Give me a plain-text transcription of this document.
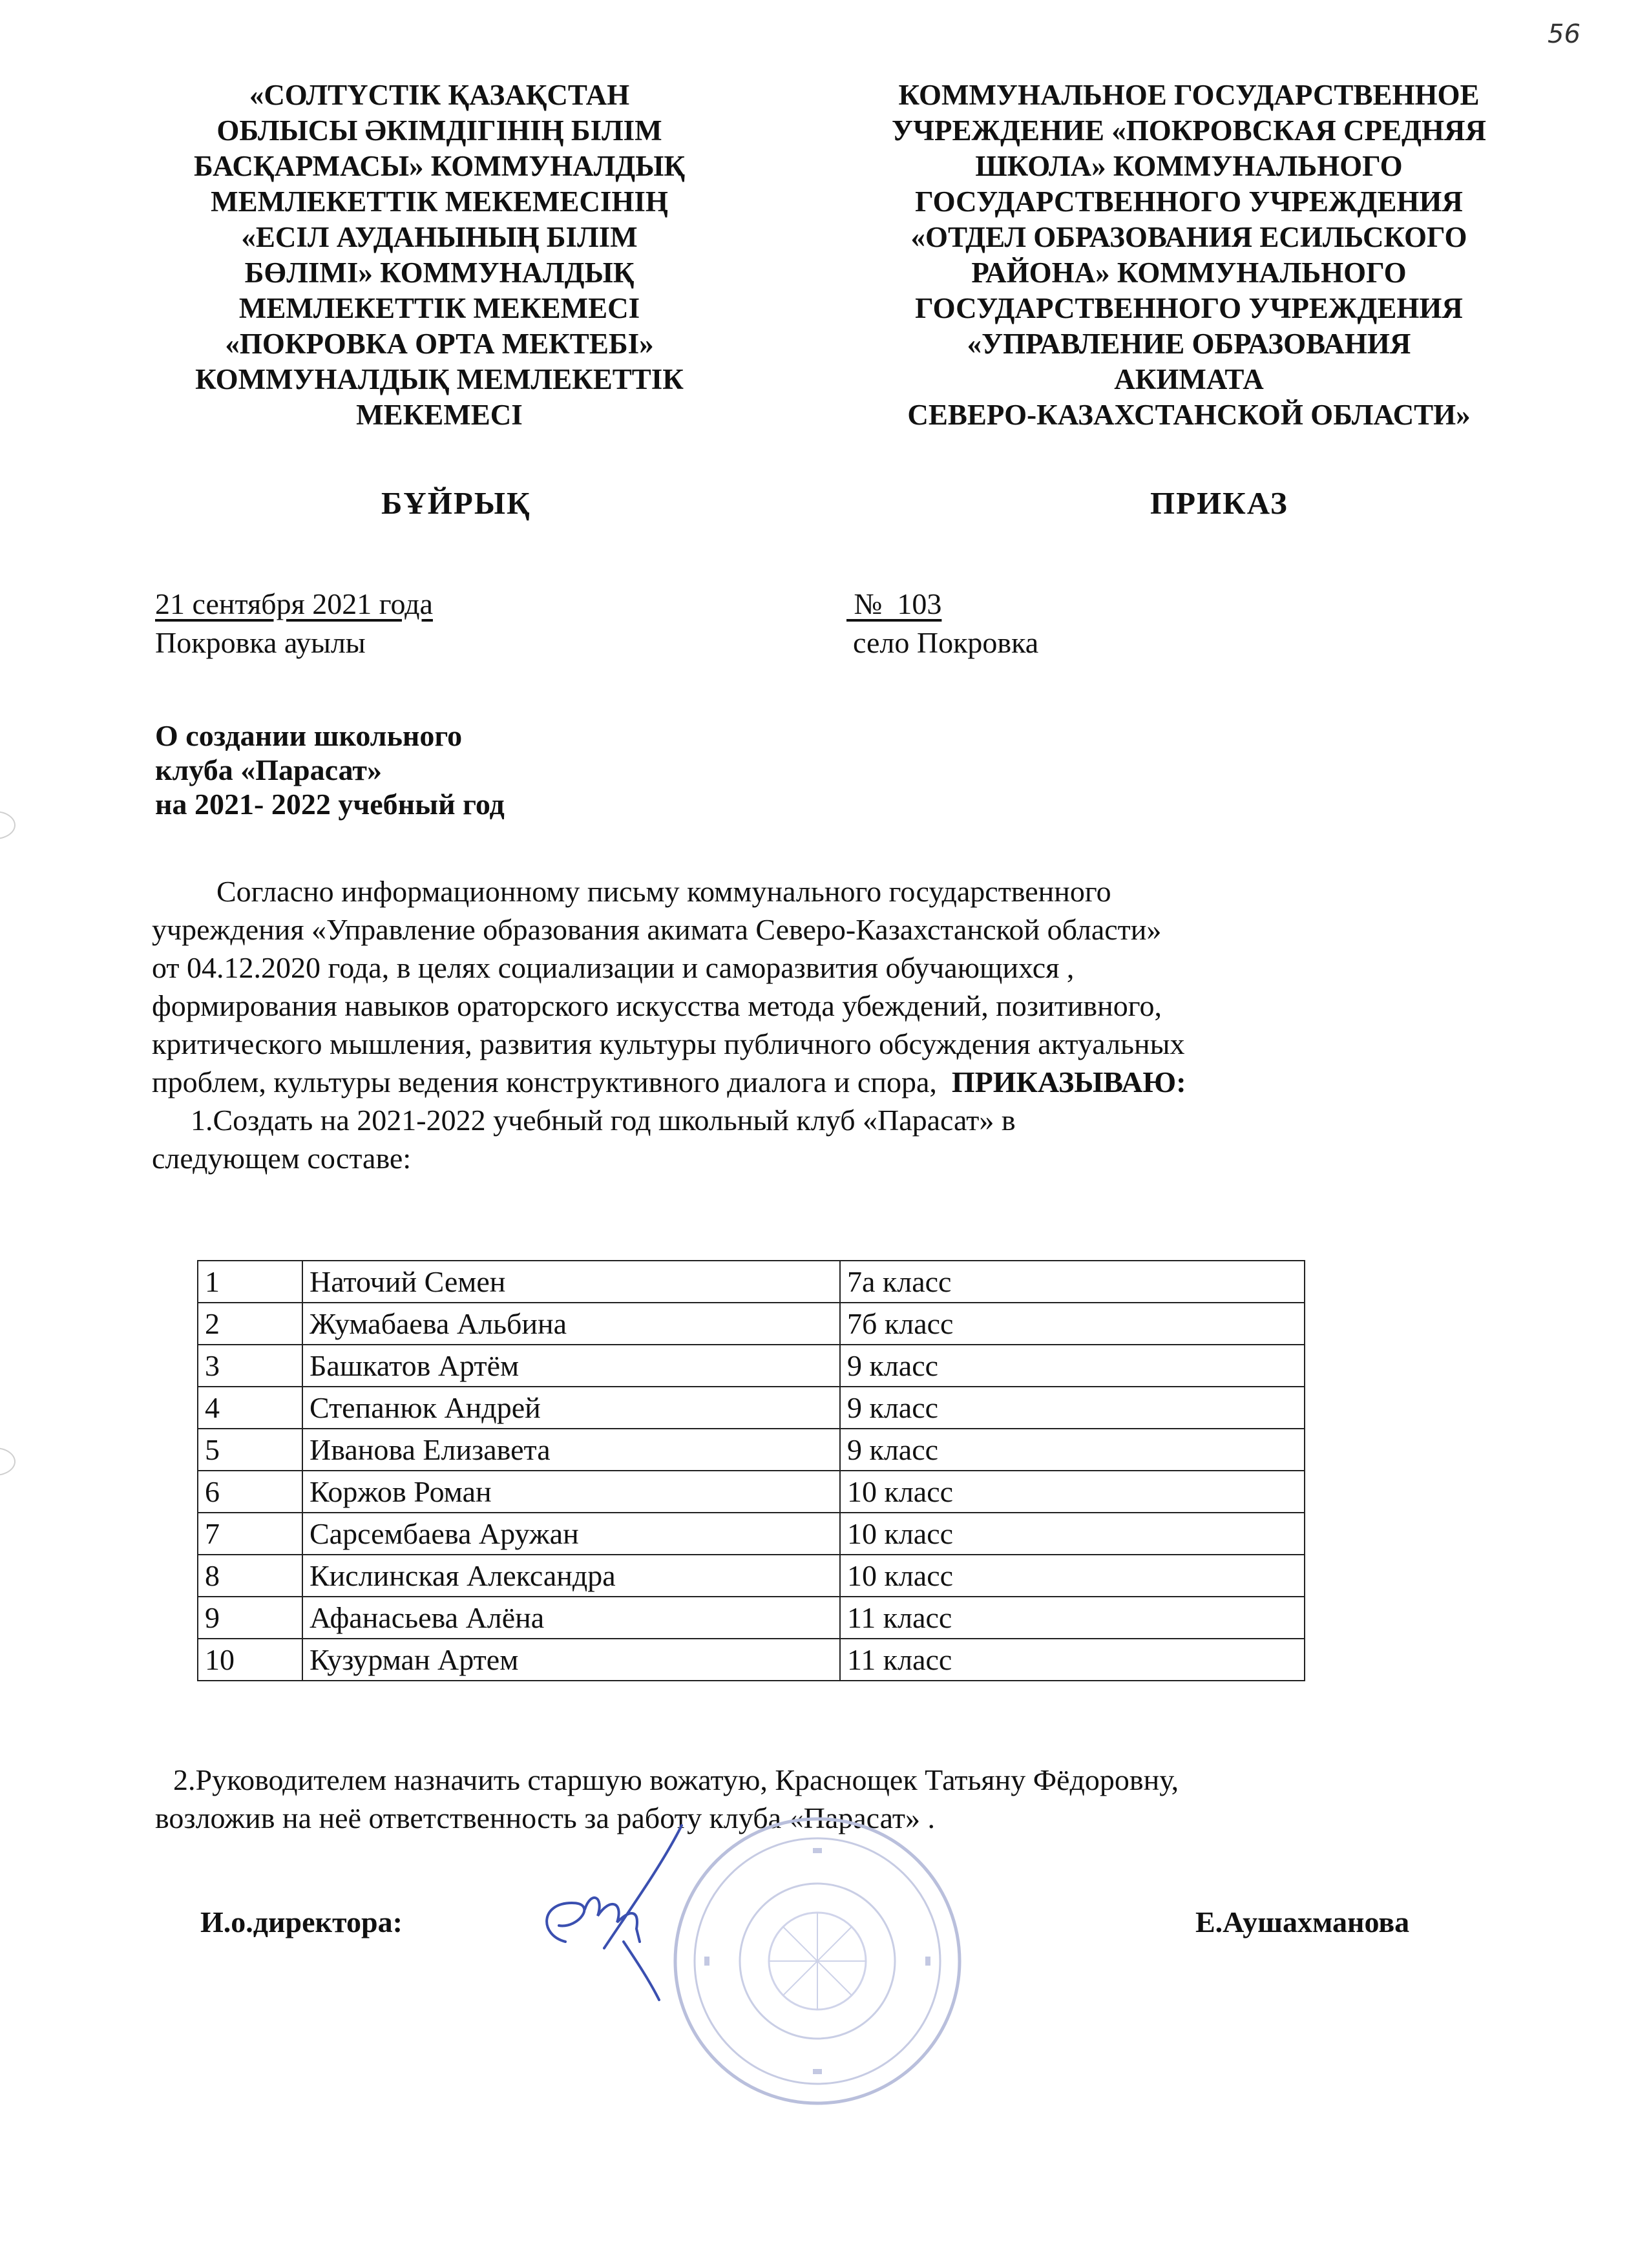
56
«СОЛТҮСТІК ҚАЗАҚСТАН
ОБЛЫСЫ ӘКІМДІГІНІҢ БІЛІМ
БАСҚАРМАСЫ» КОММУНАЛДЫҚ
МЕМЛЕКЕТТІК МЕКЕМЕСІНІҢ
«ЕСІЛ АУДАНЫНЫҢ БІЛІМ
БӨЛІМІ» КОММУНАЛДЫҚ
МЕМЛЕКЕТТІК МЕКЕМЕСІ
«ПОКРОВКА ОРТА МЕКТЕБІ»
КОММУНАЛДЫҚ МЕМЛЕКЕТТІК
МЕКЕМЕСІ
КОММУНАЛЬНОЕ ГОСУДАРСТВЕННОЕ
УЧРЕЖДЕНИЕ «ПОКРОВСКАЯ СРЕДНЯЯ
ШКОЛА» КОММУНАЛЬНОГО
ГОСУДАРСТВЕННОГО УЧРЕЖДЕНИЯ
«ОТДЕЛ ОБРАЗОВАНИЯ ЕСИЛЬСКОГО
РАЙОНА» КОММУНАЛЬНОГО
ГОСУДАРСТВЕННОГО УЧРЕЖДЕНИЯ
«УПРАВЛЕНИЕ ОБРАЗОВАНИЯ
АКИМАТА
СЕВЕРО-КАЗАХСТАНСКОЙ ОБЛАСТИ»
БҰЙРЫҚ	ПРИКАЗ
21 сентября 2021 года
Покровка ауылы
№  103
село Покровка
О создании школьного
клуба «Парасат»
на 2021- 2022 учебный год
Согласно информационному письму коммунального государственного
учреждения «Управление образования акимата Северо-Казахстанской области»
от 04.12.2020 года, в целях социализации и саморазвития обучающихся ,
формирования навыков ораторского искусства метода убеждений, позитивного,
критического мышления, развития культуры публичного обсуждения актуальных
проблем, культуры ведения конструктивного диалога и спора, ПРИКАЗЫВАЮ:
1.Создать на 2021-2022 учебный год школьный клуб «Парасат» в
следующем составе:
1	Наточий Семен	7а класс
2	Жумабаева Альбина	7б класс
3	Башкатов Артём	9 класс
4	Степанюк Андрей	9 класс
5	Иванова Елизавета	9 класс
6	Коржов Роман	10 класс
7	Сарсембаева Аружан	10 класс
8	Кислинская Александра	10 класс
9	Афанасьева Алёна	11 класс
10	Кузурман Артем	11 класс
2.Руководителем назначить старшую вожатую, Краснощек Татьяну Фёдоровну,
возложив на неё ответственность за работу клуба «Парасат» .
И.о.директора:	Е.Аушахманова
